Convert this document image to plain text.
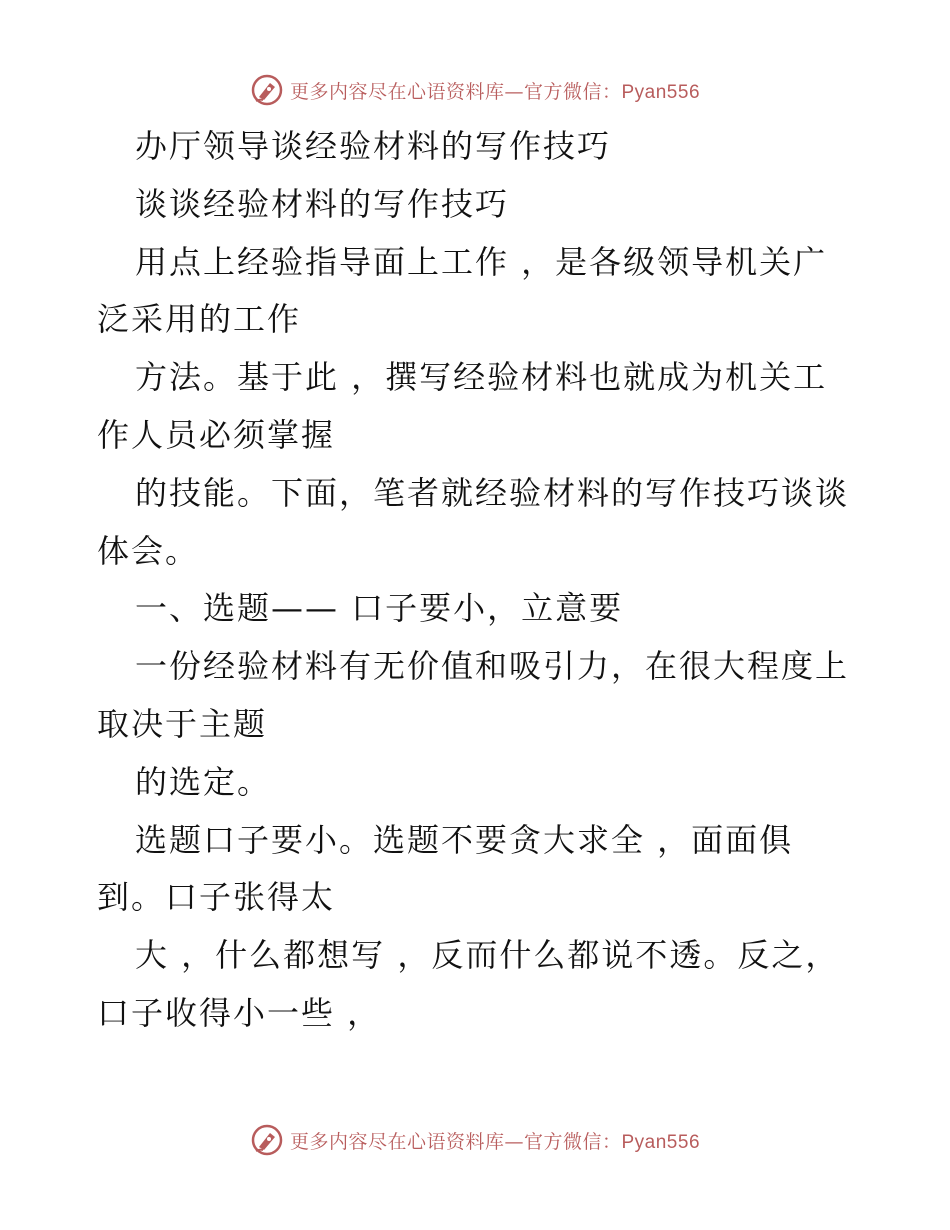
更多内容尽在心语资料库—官方微信：Pyan556
办厅领导谈经验材料的写作技巧
谈谈经验材料的写作技巧
用点上经验指导面上工作 ，是各级领导机关广
泛采用的工作
方法。基于此 ，撰写经验材料也就成为机关工
作人员必须掌握
的技能。下面，笔者就经验材料的写作技巧谈谈
体会。
一、选题—— 口子要小，立意要
一份经验材料有无价值和吸引力，在很大程度上
取决于主题
的选定。
选题口子要小。选题不要贪大求全 ，面面俱
到。口子张得太
大 ，什么都想写 ，反而什么都说不透。反之，
口子收得小一些 ，
更多内容尽在心语资料库—官方微信：Pyan556
